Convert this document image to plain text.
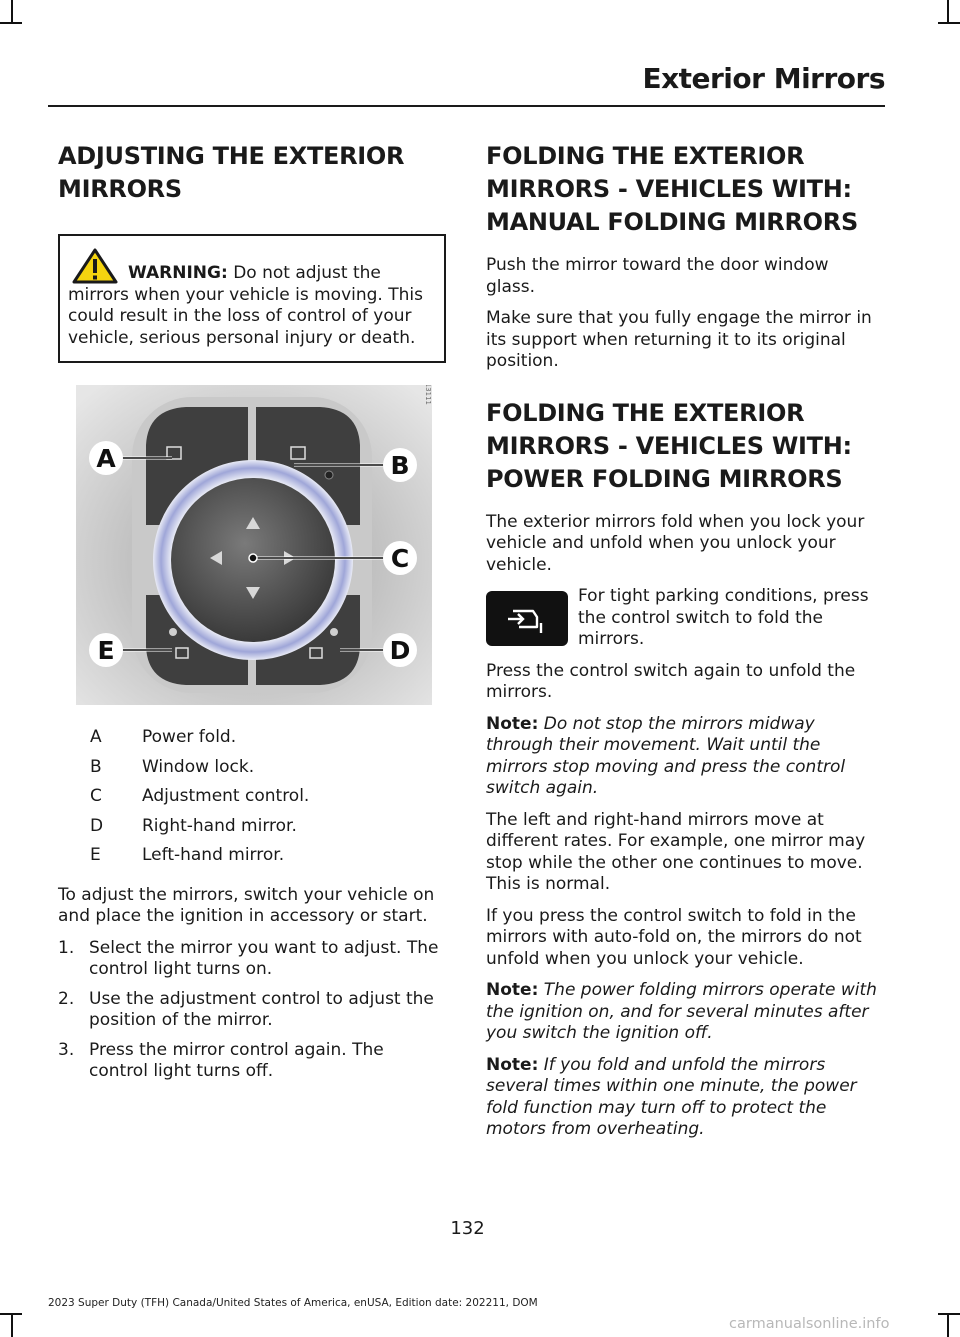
Exterior Mirrors
ADJUSTING THE EXTERIOR
MIRRORS
WARNING: Do not adjust the mirrors when your vehicle is moving. This could result in the loss of control of your vehicle, serious personal injury or death.
A	B
C
D
E
E313111
A	Power fold.
B	Window lock.
C	Adjustment control.
D	Right-hand mirror.
E	Left-hand mirror.

To adjust the mirrors, switch your vehicle on and place the ignition in accessory or start.

1. Select the mirror you want to adjust. The control light turns on.
2. Use the adjustment control to adjust the position of the mirror.
3. Press the mirror control again. The control light turns off.
FOLDING THE EXTERIOR
MIRRORS - VEHICLES WITH:
MANUAL FOLDING MIRRORS

Push the mirror toward the door window glass.

Make sure that you fully engage the mirror in its support when returning it to its original position.

FOLDING THE EXTERIOR
MIRRORS - VEHICLES WITH:
POWER FOLDING MIRRORS

The exterior mirrors fold when you lock your vehicle and unfold when you unlock your vehicle.

For tight parking conditions, press the control switch to fold the mirrors.

Press the control switch again to unfold the mirrors.

Note: Do not stop the mirrors midway through their movement. Wait until the mirrors stop moving and press the control switch again.

The left and right-hand mirrors move at different rates. For example, one mirror may stop while the other one continues to move. This is normal.

If you press the control switch to fold in the mirrors with auto-fold on, the mirrors do not unfold when you unlock your vehicle.

Note: The power folding mirrors operate with the ignition on, and for several minutes after you switch the ignition off.

Note: If you fold and unfold the mirrors several times within one minute, the power fold function may turn off to protect the motors from overheating.

132
2023 Super Duty (TFH) Canada/United States of America, enUSA, Edition date: 202211, DOM
carmanualsonline.info
